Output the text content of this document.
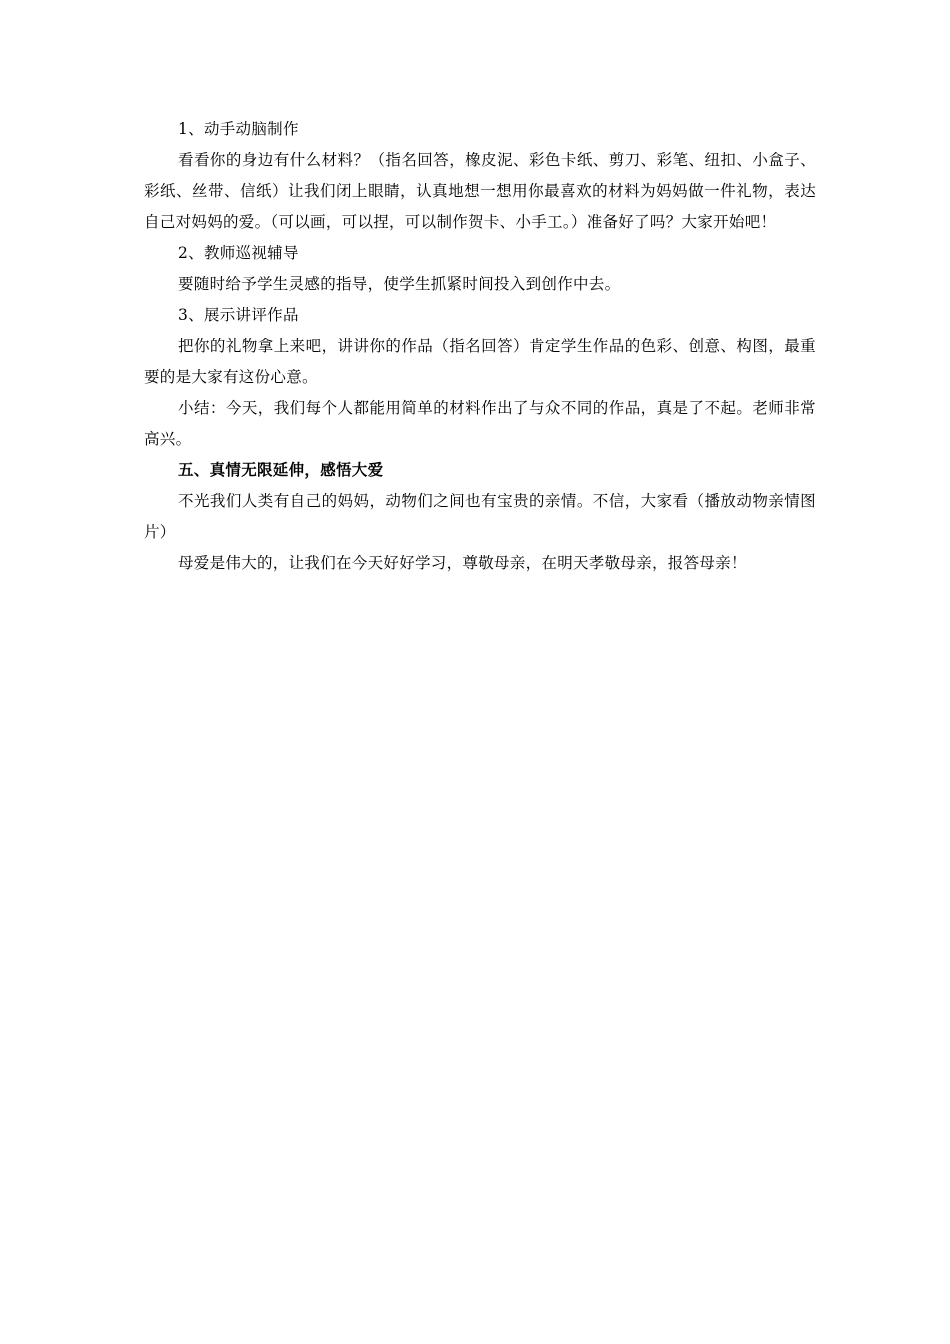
1、动手动脑制作

看看你的身边有什么材料？（指名回答，橡皮泥、彩色卡纸、剪刀、彩笔、纽扣、小盒子、彩纸、丝带、信纸）让我们闭上眼睛，认真地想一想用你最喜欢的材料为妈妈做一件礼物，表达自己对妈妈的爱。（可以画，可以捏，可以制作贺卡、小手工。）准备好了吗？大家开始吧！

2、教师巡视辅导

要随时给予学生灵感的指导，使学生抓紧时间投入到创作中去。

3、展示讲评作品

把你的礼物拿上来吧，讲讲你的作品（指名回答）肯定学生作品的色彩、创意、构图，最重要的是大家有这份心意。

小结：今天，我们每个人都能用简单的材料作出了与众不同的作品，真是了不起。老师非常高兴。

五、真情无限延伸，感悟大爱

不光我们人类有自己的妈妈，动物们之间也有宝贵的亲情。不信，大家看（播放动物亲情图片）

母爱是伟大的，让我们在今天好好学习，尊敬母亲，在明天孝敬母亲，报答母亲！
